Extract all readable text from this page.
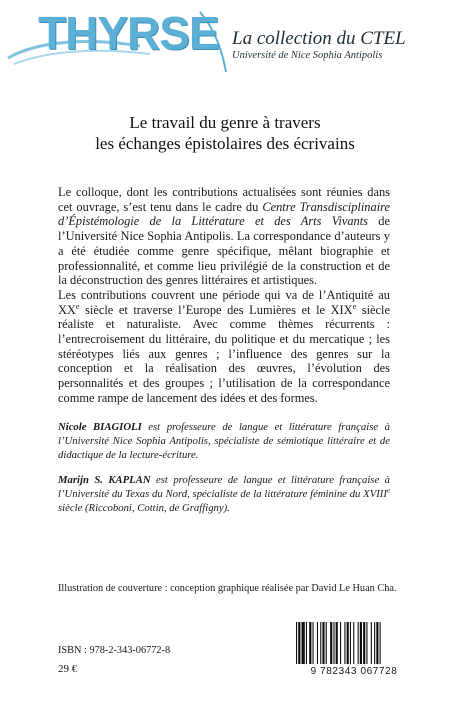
THYRSE La collection du CTEL
Université de Nice Sophia Antipolis
Le travail du genre à travers
les échanges épistolaires des écrivains

Le colloque, dont les contributions actualisées sont réunies dans cet ouvrage, s’est tenu dans le cadre du Centre Transdisciplinaire d’Épistémologie de la Littérature et des Arts Vivants de l’Université Nice Sophia Antipolis. La correspondance d’auteurs y a été étudiée comme genre spécifique, mêlant biographie et professionnalité, et comme lieu privilégié de la construction et de la déconstruction des genres littéraires et artistiques.

Les contributions couvrent une période qui va de l’Antiquité au XXe siècle et traverse l’Europe des Lumières et le XIXe siècle réaliste et naturaliste. Avec comme thèmes récurrents : l’entrecroisement du littéraire, du politique et du mercatique ; les stéréotypes liés aux genres ; l’influence des genres sur la conception et la réalisation des œuvres, l’évolution des personnalités et des groupes ; l’utilisation de la correspondance comme rampe de lancement des idées et des formes.

Nicole BIAGIOLI est professeure de langue et littérature française à l’Université Nice Sophia Antipolis, spécialiste de sémiotique littéraire et de didactique de la lecture-écriture.

Marijn S. KAPLAN est professeure de langue et littérature française à l’Université du Texas du Nord, spécialiste de la littérature féminine du XVIIIe siècle (Riccoboni, Cottin, de Graffigny).

Illustration de couverture : conception graphique réalisée par David Le Huan Cha.
ISBN : 978-2-343-06772-8
29 €	9 782343 067728
